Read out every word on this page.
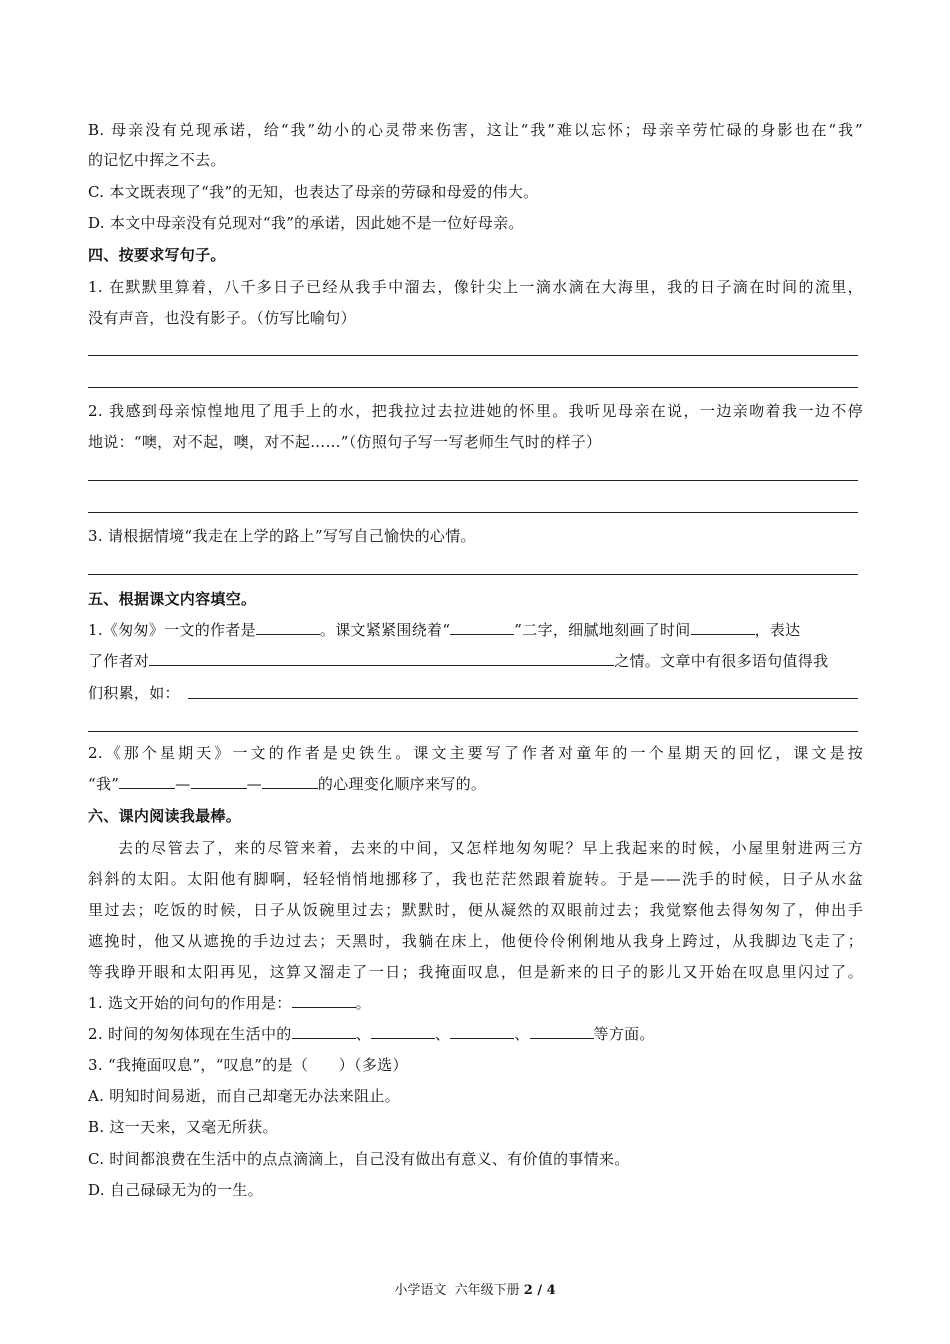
B. 母亲没有兑现承诺，给“我”幼小的心灵带来伤害，这让“我”难以忘怀；母亲辛劳忙碌的身影也在“我”
的记忆中挥之不去。
C. 本文既表现了“我”的无知，也表达了母亲的劳碌和母爱的伟大。
D. 本文中母亲没有兑现对“我”的承诺，因此她不是一位好母亲。
四、按要求写句子。
1. 在默默里算着，八千多日子已经从我手中溜去，像针尖上一滴水滴在大海里，我的日子滴在时间的流里，
没有声音，也没有影子。（仿写比喻句）
2. 我感到母亲惊惶地甩了甩手上的水，把我拉过去拉进她的怀里。我听见母亲在说，一边亲吻着我一边不停
地说：“噢，对不起，噢，对不起……”（仿照句子写一写老师生气时的样子）
3. 请根据情境“我走在上学的路上”写写自己愉快的心情。
五、根据课文内容填空。
1.《匆匆》一文的作者是	。课文紧紧围绕着“	”二字，细腻地刻画了时间	，表达
了作者对	之情。文章中有很多语句值得我
们积累，如：
2.《那个星期天》一文的作者是史铁生。课文主要写了作者对童年的一个星期天的回忆，课文是按
“我”	—	—	的心理变化顺序来写的。
六、课内阅读我最棒。
去的尽管去了，来的尽管来着，去来的中间，又怎样地匆匆呢？早上我起来的时候，小屋里射进两三方
斜斜的太阳。太阳他有脚啊，轻轻悄悄地挪移了，我也茫茫然跟着旋转。于是——洗手的时候，日子从水盆
里过去；吃饭的时候，日子从饭碗里过去；默默时，便从凝然的双眼前过去；我觉察他去得匆匆了，伸出手
遮挽时，他又从遮挽的手边过去；天黑时，我躺在床上，他便伶伶俐俐地从我身上跨过，从我脚边飞走了；
等我睁开眼和太阳再见，这算又溜走了一日；我掩面叹息，但是新来的日子的影儿又开始在叹息里闪过了。
1. 选文开始的问句的作用是：	。
2. 时间的匆匆体现在生活中的	、	、	、	等方面。
3. “我掩面叹息”，“叹息”的是（　　）（多选）
A. 明知时间易逝，而自己却毫无办法来阻止。
B. 这一天来，又毫无所获。
C. 时间都浪费在生活中的点点滴滴上，自己没有做出有意义、有价值的事情来。
D. 自己碌碌无为的一生。
小学语文 六年级下册 2 / 4
